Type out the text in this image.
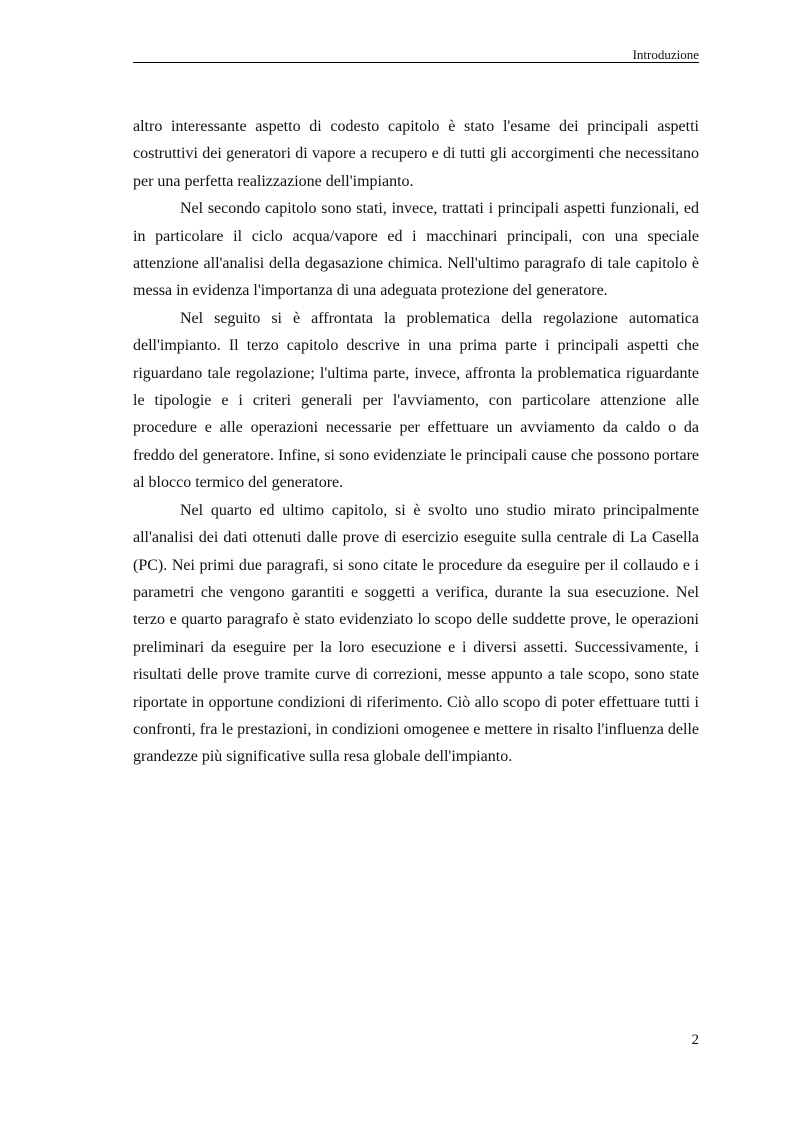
Introduzione

altro interessante aspetto di codesto capitolo è stato l'esame dei principali aspetti costruttivi dei generatori di vapore a recupero e di tutti gli accorgimenti che necessitano per una perfetta realizzazione dell'impianto.

Nel secondo capitolo sono stati, invece, trattati i principali aspetti funzionali, ed in particolare il ciclo acqua/vapore ed i macchinari principali, con una speciale attenzione all'analisi della degasazione chimica. Nell'ultimo paragrafo di tale capitolo è messa in evidenza l'importanza di una adeguata protezione del generatore.

Nel seguito si è affrontata la problematica della regolazione automatica dell'impianto. Il terzo capitolo descrive in una prima parte i principali aspetti che riguardano tale regolazione; l'ultima parte, invece, affronta la problematica riguardante le tipologie e i criteri generali per l'avviamento, con particolare attenzione alle procedure e alle operazioni necessarie per effettuare un avviamento da caldo o da freddo del generatore. Infine, si sono evidenziate le principali cause che possono portare al blocco termico del generatore.

Nel quarto ed ultimo capitolo, si è svolto uno studio mirato principalmente all'analisi dei dati ottenuti dalle prove di esercizio eseguite sulla centrale di La Casella (PC). Nei primi due paragrafi, si sono citate le procedure da eseguire per il collaudo e i parametri che vengono garantiti e soggetti a verifica, durante la sua esecuzione. Nel terzo e quarto paragrafo è stato evidenziato lo scopo delle suddette prove, le operazioni preliminari da eseguire per la loro esecuzione e i diversi assetti. Successivamente, i risultati delle prove tramite curve di correzioni, messe appunto a tale scopo, sono state riportate in opportune condizioni di riferimento. Ciò allo scopo di poter effettuare tutti i confronti, fra le prestazioni, in condizioni omogenee e mettere in risalto l'influenza delle grandezze più significative sulla resa globale dell'impianto.

2
